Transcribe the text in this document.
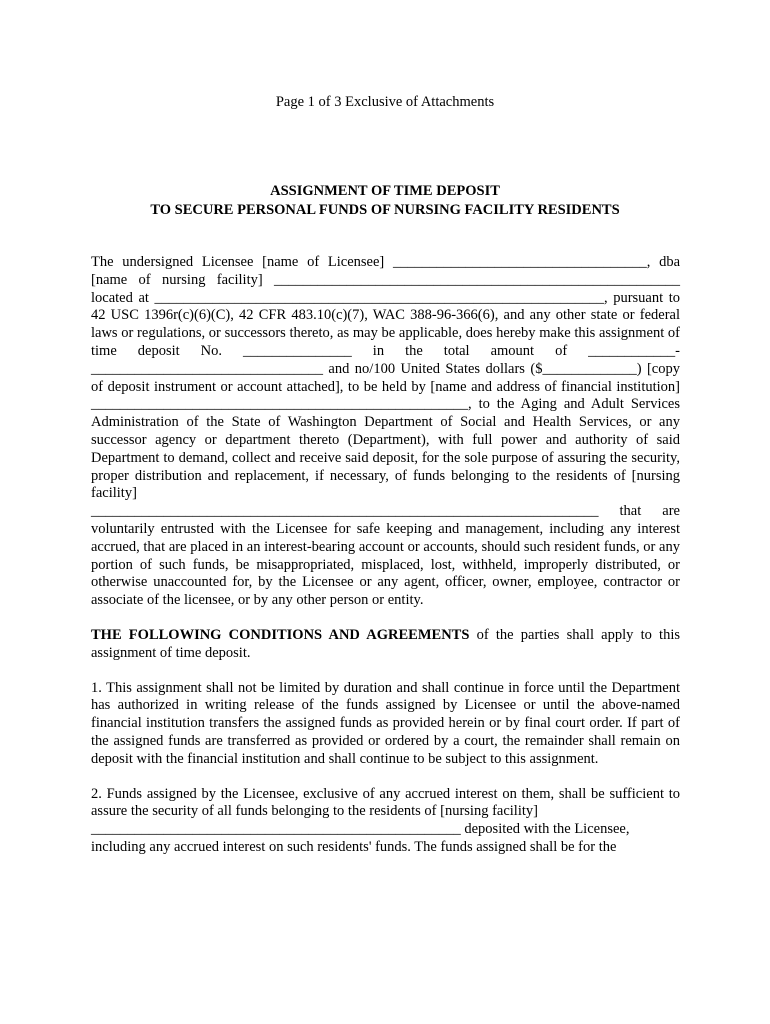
Page 1 of 3 Exclusive of Attachments
ASSIGNMENT OF TIME DEPOSIT
TO SECURE PERSONAL FUNDS OF NURSING FACILITY RESIDENTS

The undersigned Licensee [name of Licensee] ___________________________________, dba [name of nursing facility] ________________________________________________________ located at ______________________________________________________________, pursuant to 42 USC 1396r(c)(6)(C), 42 CFR 483.10(c)(7), WAC 388-96-366(6), and any other state or federal laws or regulations, or successors thereto, as may be applicable, does hereby make this assignment of time deposit No. _______________ in the total amount of ____________-________________________________ and no/100 United States dollars ($_____________) [copy of deposit instrument or account attached], to be held by [name and address of financial institution] ____________________________________________________, to the Aging and Adult Services Administration of the State of Washington Department of Social and Health Services, or any successor agency or department thereto (Department), with full power and authority of said Department to demand, collect and receive said deposit, for the sole purpose of assuring the security, proper distribution and replacement, if necessary, of funds belonging to the residents of [nursing facility]

______________________________________________________________________ that are voluntarily entrusted with the Licensee for safe keeping and management, including any interest accrued, that are placed in an interest-bearing account or accounts, should such resident funds, or any portion of such funds, be misappropriated, misplaced, lost, withheld, improperly distributed, or otherwise unaccounted for, by the Licensee or any agent, officer, owner, employee, contractor or associate of the licensee, or by any other person or entity.

THE FOLLOWING CONDITIONS AND AGREEMENTS of the parties shall apply to this assignment of time deposit.

1. This assignment shall not be limited by duration and shall continue in force until the Department has authorized in writing release of the funds assigned by Licensee or until the above-named financial institution transfers the assigned funds as provided herein or by final court order. If part of the assigned funds are transferred as provided or ordered by a court, the remainder shall remain on deposit with the financial institution and shall continue to be subject to this assignment.

2. Funds assigned by the Licensee, exclusive of any accrued interest on them, shall be sufficient to assure the security of all funds belonging to the residents of [nursing facility]

___________________________________________________ deposited with the Licensee,

including any accrued interest on such residents' funds. The funds assigned shall be for the
